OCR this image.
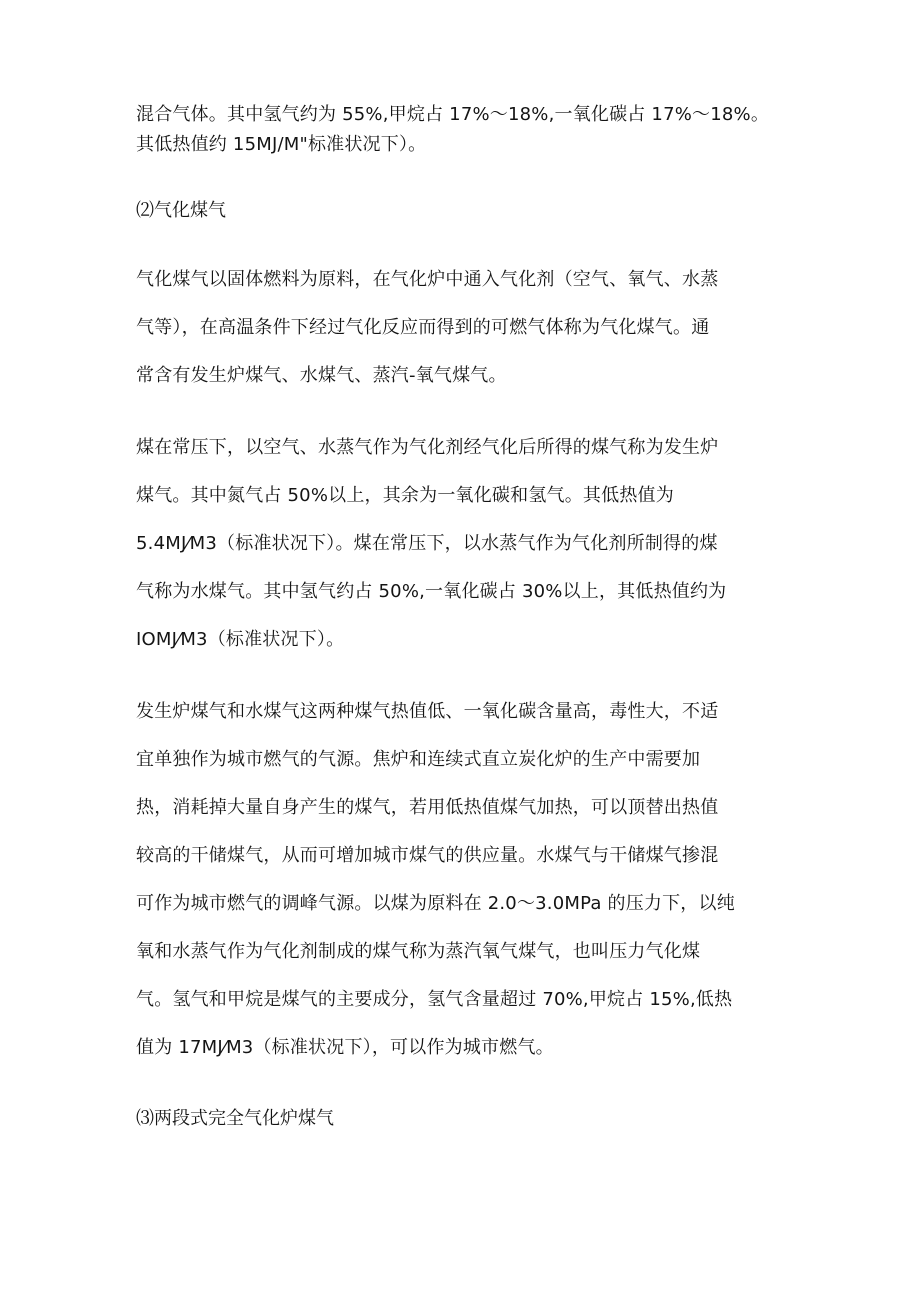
混合气体。其中氢气约为 55%,甲烷占 17%～18%,一氧化碳占 17%～18%。
其低热值约 15MJ/M"标准状况下）。
⑵气化煤气
气化煤气以固体燃料为原料，在气化炉中通入气化剂（空气、氧气、水蒸
气等），在高温条件下经过气化反应而得到的可燃气体称为气化煤气。通
常含有发生炉煤气、水煤气、蒸汽-氧气煤气。
煤在常压下，以空气、水蒸气作为气化剂经气化后所得的煤气称为发生炉
煤气。其中氮气占 50%以上，其余为一氧化碳和氢气。其低热值为
5.4MJ⁄M3（标准状况下）。煤在常压下，以水蒸气作为气化剂所制得的煤
气称为水煤气。其中氢气约占 50%,一氧化碳占 30%以上，其低热值约为
IOMJ⁄M3（标准状况下）。
发生炉煤气和水煤气这两种煤气热值低、一氧化碳含量高，毒性大，不适
宜单独作为城市燃气的气源。焦炉和连续式直立炭化炉的生产中需要加
热，消耗掉大量自身产生的煤气，若用低热值煤气加热，可以顶替出热值
较高的干储煤气，从而可增加城市煤气的供应量。水煤气与干储煤气掺混
可作为城市燃气的调峰气源。以煤为原料在 2.0～3.0MPa 的压力下，以纯
氧和水蒸气作为气化剂制成的煤气称为蒸汽氧气煤气，也叫压力气化煤
气。氢气和甲烷是煤气的主要成分，氢气含量超过 70%,甲烷占 15%,低热
值为 17MJ⁄M3（标准状况下），可以作为城市燃气。
⑶两段式完全气化炉煤气
